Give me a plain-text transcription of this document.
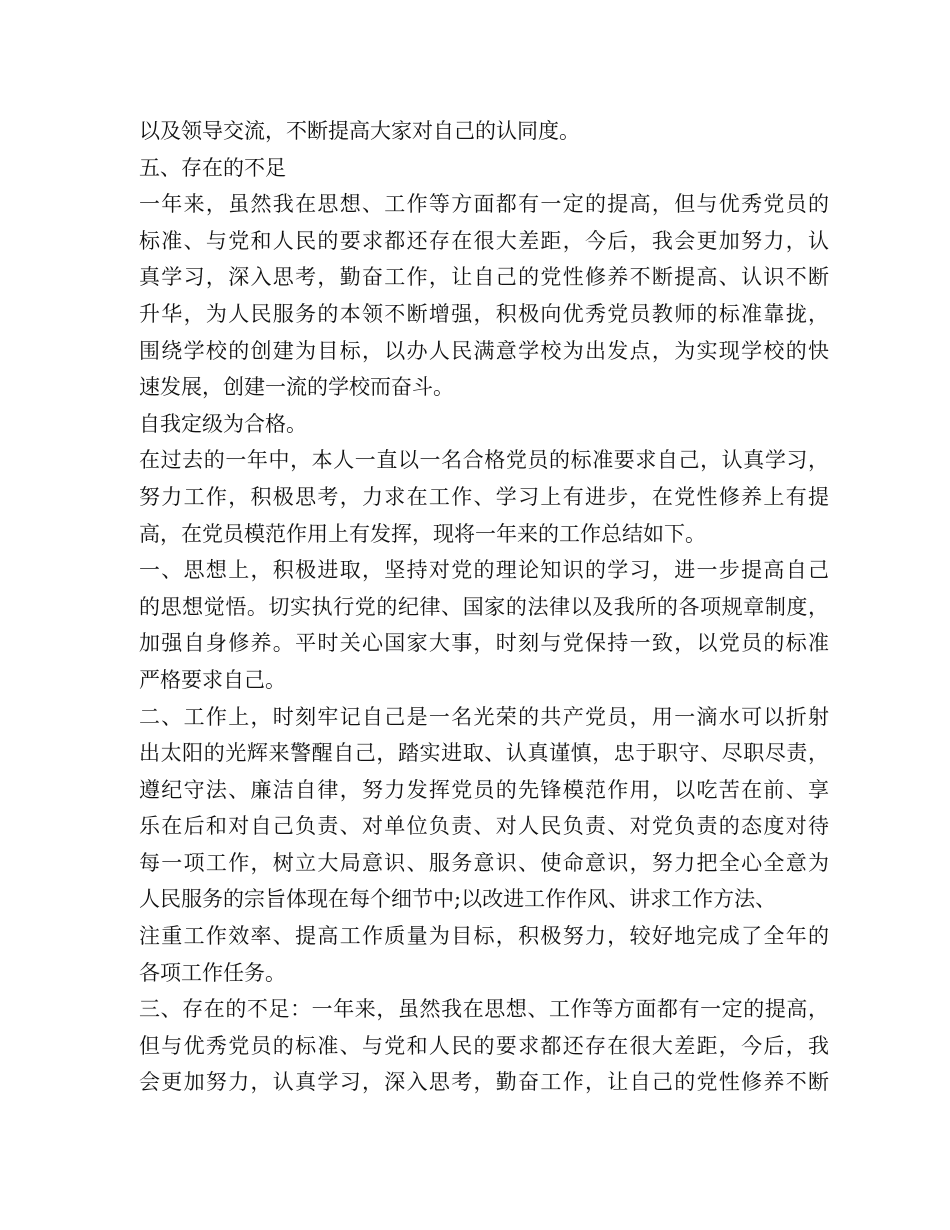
以及领导交流，不断提高大家对自己的认同度。
五、存在的不足
一年来，虽然我在思想、工作等方面都有一定的提高，但与优秀党员的
标准、与党和人民的要求都还存在很大差距，今后，我会更加努力，认
真学习，深入思考，勤奋工作，让自己的党性修养不断提高、认识不断
升华，为人民服务的本领不断增强，积极向优秀党员教师的标准靠拢，
围绕学校的创建为目标，以办人民满意学校为出发点，为实现学校的快
速发展，创建一流的学校而奋斗。
自我定级为合格。
在过去的一年中，本人一直以一名合格党员的标准要求自己，认真学习，
努力工作，积极思考，力求在工作、学习上有进步，在党性修养上有提
高，在党员模范作用上有发挥，现将一年来的工作总结如下。
一、思想上，积极进取，坚持对党的理论知识的学习，进一步提高自己
的思想觉悟。切实执行党的纪律、国家的法律以及我所的各项规章制度，
加强自身修养。平时关心国家大事，时刻与党保持一致，以党员的标准
严格要求自己。
二、工作上，时刻牢记自己是一名光荣的共产党员，用一滴水可以折射
出太阳的光辉来警醒自己，踏实进取、认真谨慎，忠于职守、尽职尽责，
遵纪守法、廉洁自律，努力发挥党员的先锋模范作用，以吃苦在前、享
乐在后和对自己负责、对单位负责、对人民负责、对党负责的态度对待
每一项工作，树立大局意识、服务意识、使命意识，努力把全心全意为
人民服务的宗旨体现在每个细节中;以改进工作作风、讲求工作方法、
注重工作效率、提高工作质量为目标，积极努力，较好地完成了全年的
各项工作任务。
三、存在的不足：一年来，虽然我在思想、工作等方面都有一定的提高，
但与优秀党员的标准、与党和人民的要求都还存在很大差距，今后，我
会更加努力，认真学习，深入思考，勤奋工作，让自己的党性修养不断
